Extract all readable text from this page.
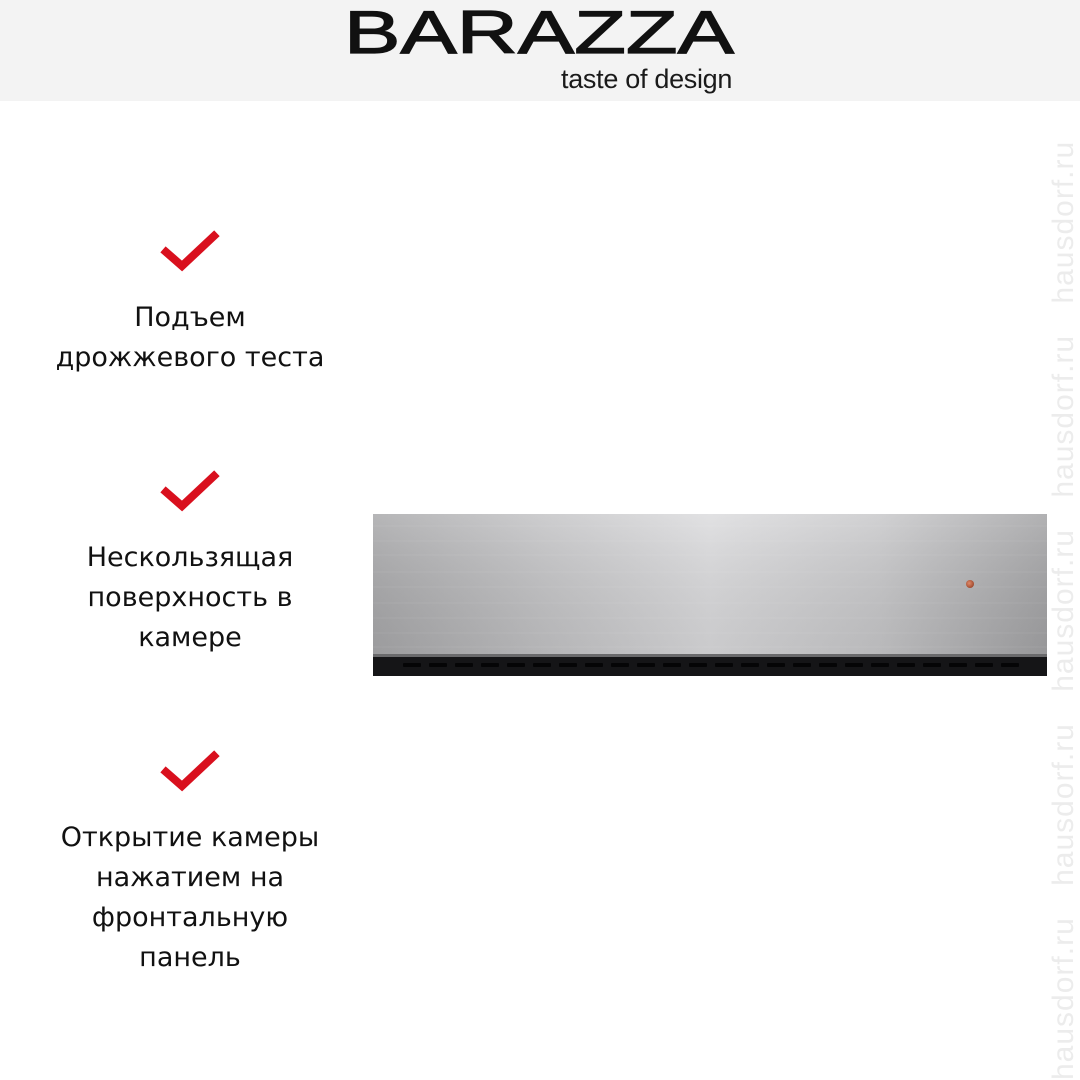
BARAZZA
taste of design
Подъем
дрожжевого теста
Нескользящая
поверхность в
камере
Открытие камеры
нажатием на
фронтальную
панель	hausdorf.ru hausdorf.ru hausdorf.ru hausdorf.ru hausdorf.ru
